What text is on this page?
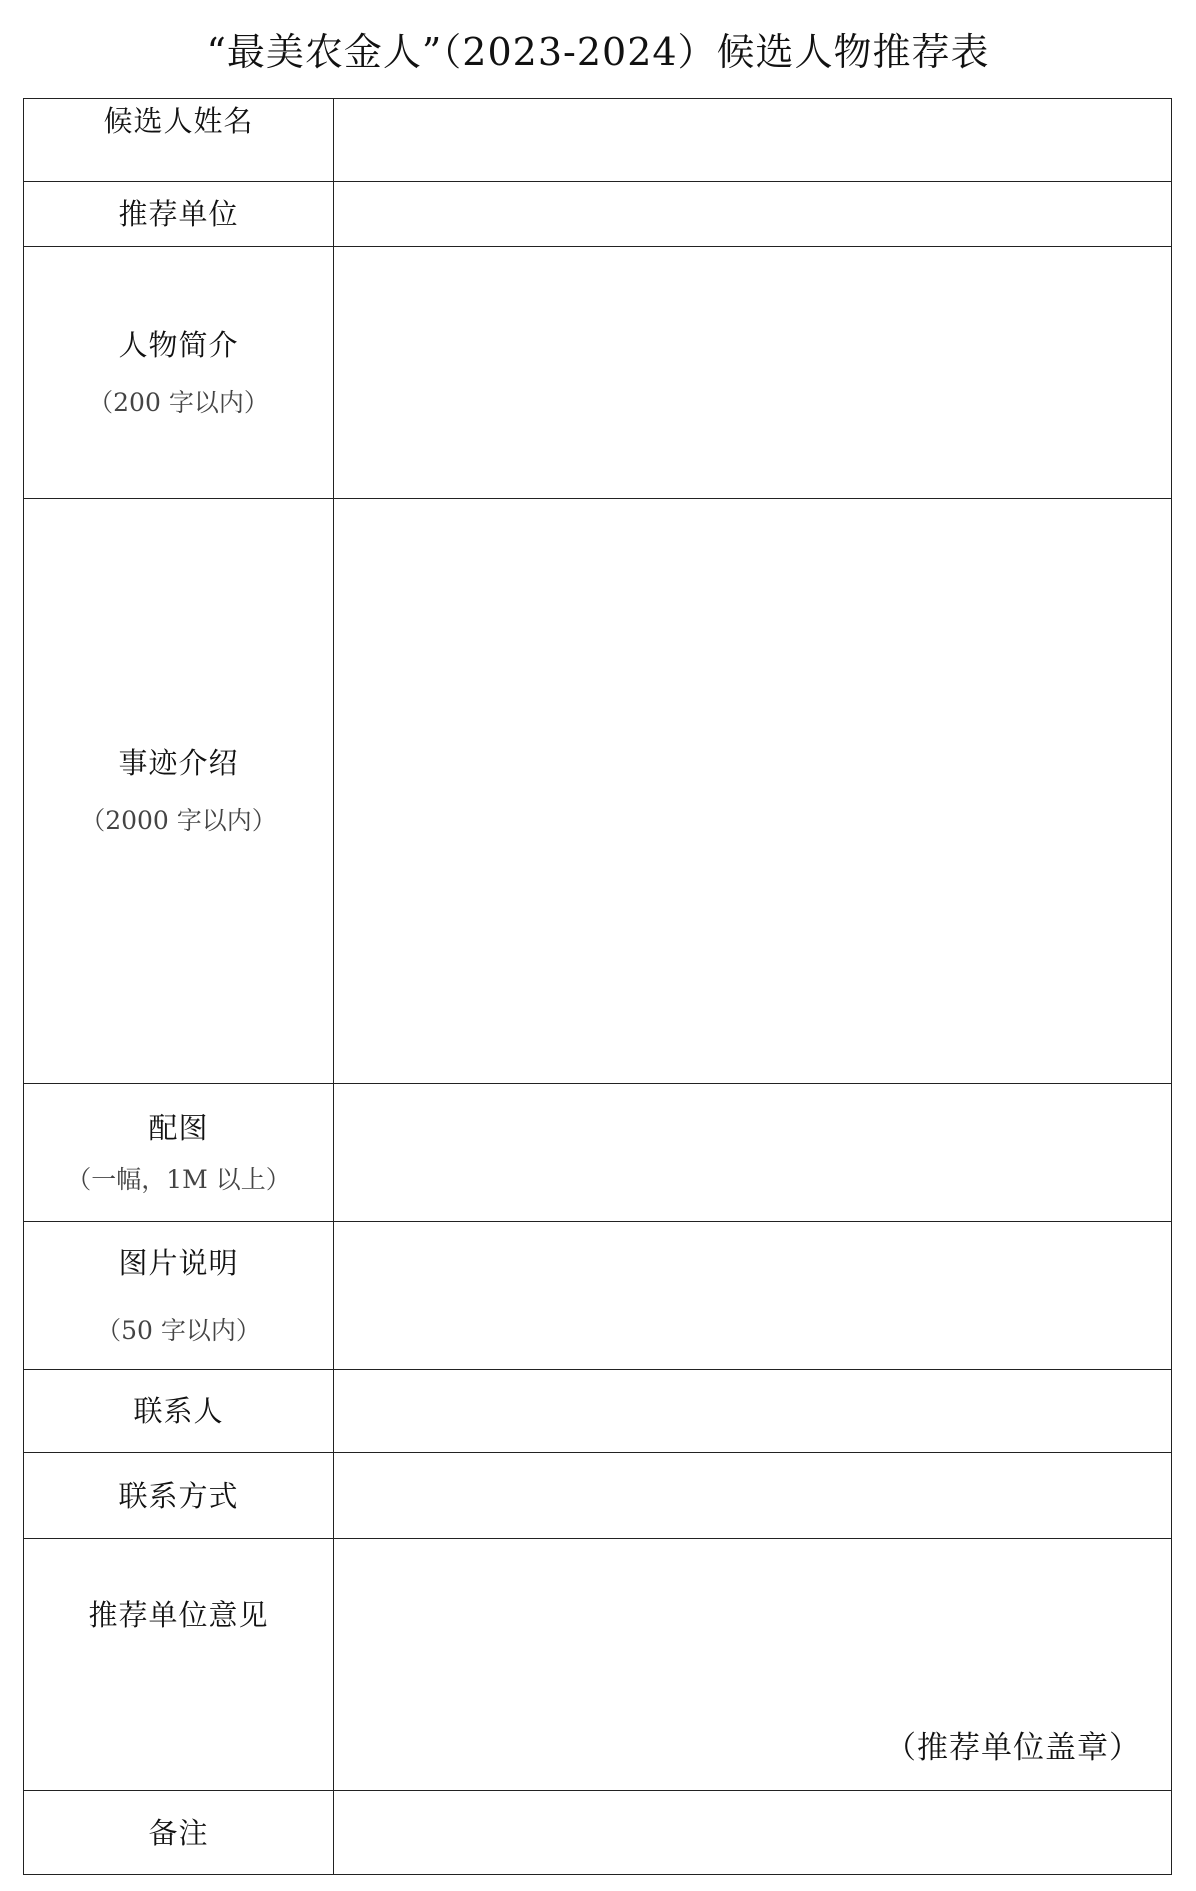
“最美农金人”（2023-2024）候选人物推荐表
候选人姓名	

推荐单位	

人物简介
（200 字以内）	

事迹介绍
（2000 字以内）	

配图
（一幅，1M 以上）	

图片说明
（50 字以内）	

联系人	

联系方式	

推荐单位意见	（推荐单位盖章）

备注	
